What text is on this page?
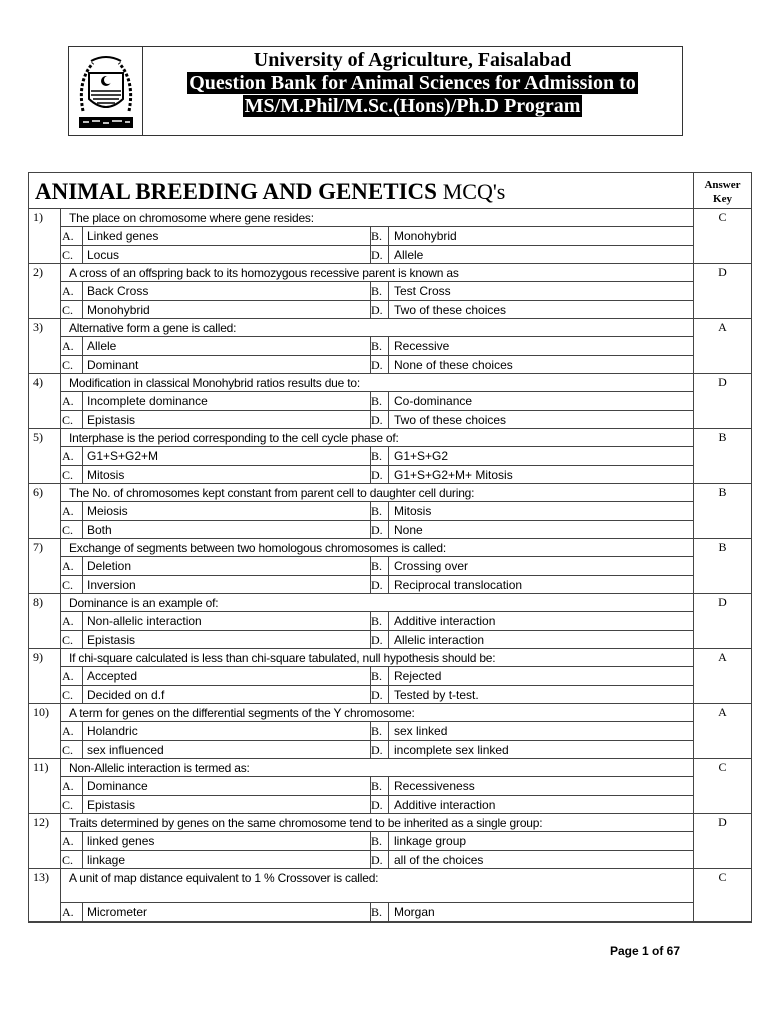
University of Agriculture, Faisalabad
Question Bank for Animal Sciences for Admission to
MS/M.Phil/M.Sc.(Hons)/Ph.D Program
ANIMAL BREEDING AND GENETICS MCQ's	Answer
Key
1)	The place on chromosome where gene resides:
A.	Linked genes	B. Monohybrid
C.	Locus	D. Allele
C
2)	A cross of an offspring back to its homozygous recessive parent is known as
A.	Back Cross	B. Test Cross
C.	Monohybrid	D. Two of these choices
D
3)	Alternative form a gene is called:
A.	Allele	B. Recessive
C.	Dominant	D. None of these choices
A
4)	Modification in classical Monohybrid ratios results due to:
A.	Incomplete dominance	B. Co-dominance
C.	Epistasis	D. Two of these choices
D
5)	Interphase is the period corresponding to the cell cycle phase of:
A.	G1+S+G2+M	B. G1+S+G2
C.	Mitosis	D. G1+S+G2+M+ Mitosis
B
6)	The No. of chromosomes kept constant from parent cell to daughter cell during:
A.	Meiosis	B. Mitosis
C.	Both	D. None
B
7)	Exchange of segments between two homologous chromosomes is called:
A.	Deletion	B. Crossing over
C.	Inversion	D. Reciprocal translocation
B
8)	Dominance is an example of:
A.	Non-allelic interaction	B. Additive interaction
C.	Epistasis	D. Allelic interaction
D
9)	If chi-square calculated is less than chi-square tabulated, null hypothesis should be:
A.	Accepted	B. Rejected
C.	Decided on d.f	D. Tested by t-test.
A
10)	A term for genes on the differential segments of the Y chromosome:
A.	Holandric	B. sex linked
C.	sex influenced	D. incomplete sex linked
A
11)	Non-Allelic interaction is termed as:
A.	Dominance	B. Recessiveness
C.	Epistasis	D. Additive interaction
C
12)	Traits determined by genes on the same chromosome tend to be inherited as a single group:
A.	linked genes	B. linkage group
C.	linkage	D. all of the choices
D
13)	A unit of map distance equivalent to 1 % Crossover is called:
A.	Micrometer	B. Morgan
C
Page 1 of 67
